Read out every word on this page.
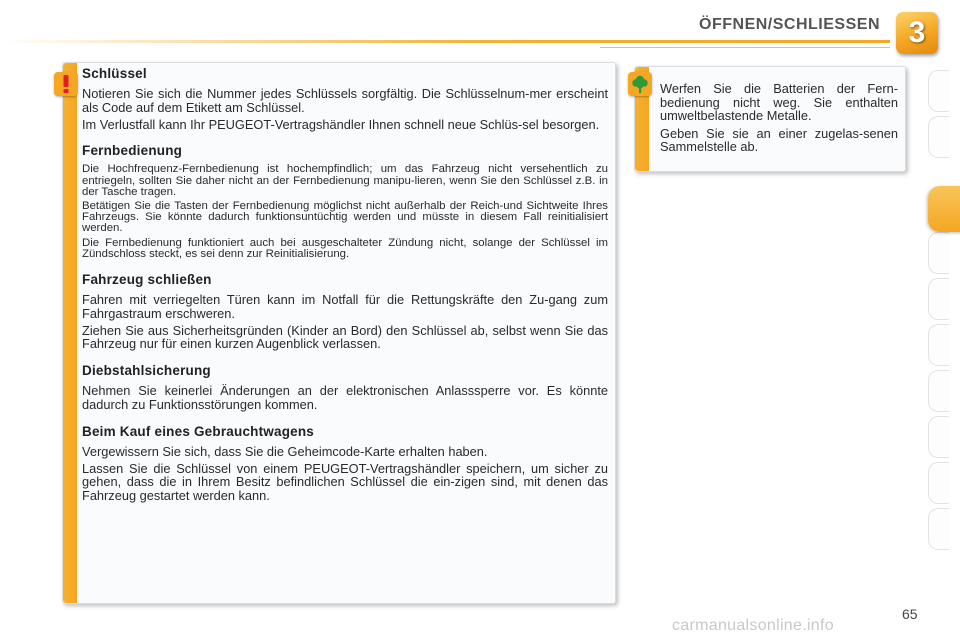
ÖFFNEN/SCHLIESSEN 3
Schlüssel

Notieren Sie sich die Nummer jedes Schlüssels sorgfältig. Die Schlüsselnum-mer erscheint als Code auf dem Etikett am Schlüssel.

Im Verlustfall kann Ihr PEUGEOT-Vertragshändler Ihnen schnell neue Schlüs-sel besorgen.

Fernbedienung

Die Hochfrequenz-Fernbedienung ist hochempfindlich; um das Fahrzeug nicht versehentlich zu entriegeln, sollten Sie daher nicht an der Fernbedienung manipu-lieren, wenn Sie den Schlüssel z.B. in der Tasche tragen.

Betätigen Sie die Tasten der Fernbedienung möglichst nicht außerhalb der Reich-und Sichtweite Ihres Fahrzeugs. Sie könnte dadurch funktionsuntüchtig werden und müsste in diesem Fall reinitialisiert werden.

Die Fernbedienung funktioniert auch bei ausgeschalteter Zündung nicht, solange der Schlüssel im Zündschloss steckt, es sei denn zur Reinitialisierung.

Fahrzeug schließen

Fahren mit verriegelten Türen kann im Notfall für die Rettungskräfte den Zu-gang zum Fahrgastraum erschweren.

Ziehen Sie aus Sicherheitsgründen (Kinder an Bord) den Schlüssel ab, selbst wenn Sie das Fahrzeug nur für einen kurzen Augenblick verlassen.

Diebstahlsicherung

Nehmen Sie keinerlei Änderungen an der elektronischen Anlasssperre vor. Es könnte dadurch zu Funktionsstörungen kommen.

Beim Kauf eines Gebrauchtwagens

Vergewissern Sie sich, dass Sie die Geheimcode-Karte erhalten haben.

Lassen Sie die Schlüssel von einem PEUGEOT-Vertragshändler speichern, um sicher zu gehen, dass die in Ihrem Besitz befindlichen Schlüssel die ein-zigen sind, mit denen das Fahrzeug gestartet werden kann.

Werfen Sie die Batterien der Fern-bedienung nicht weg. Sie enthalten umweltbelastende Metalle.

Geben Sie sie an einer zugelas-senen Sammelstelle ab.

65
carmanualsonline.info
